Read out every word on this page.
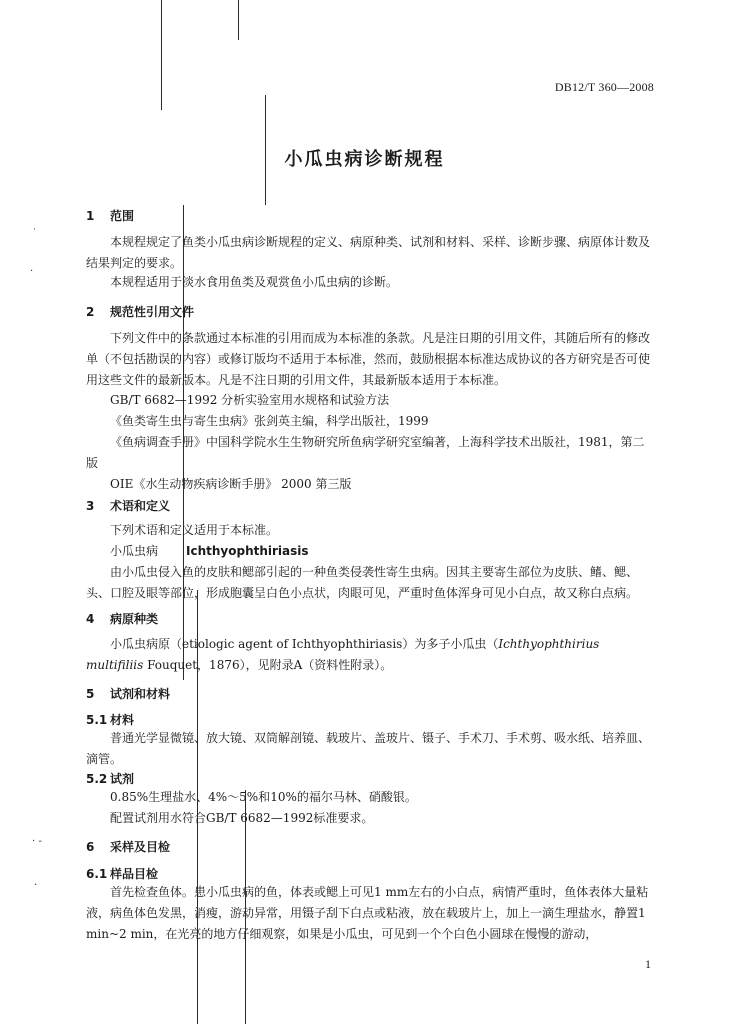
˙
·
· -
·
DB12/T 360—2008
小瓜虫病诊断规程
1 范围
本规程规定了鱼类小瓜虫病诊断规程的定义、病原种类、试剂和材料、采样、诊断步骤、病原体计数及结果判定的要求。
本规程适用于淡水食用鱼类及观赏鱼小瓜虫病的诊断。
2 规范性引用文件
下列文件中的条款通过本标准的引用而成为本标准的条款。凡是注日期的引用文件，其随后所有的修改单（不包括勘误的内容）或修订版均不适用于本标准，然而，鼓励根据本标准达成协议的各方研究是否可使用这些文件的最新版本。凡是不注日期的引用文件，其最新版本适用于本标准。
GB/T 6682—1992 分析实验室用水规格和试验方法
《鱼类寄生虫与寄生虫病》张剑英主编，科学出版社，1999
《鱼病调查手册》中国科学院水生生物研究所鱼病学研究室编著，上海科学技术出版社，1981，第二版
OIE《水生动物疾病诊断手册》 2000 第三版
3 术语和定义
下列术语和定义适用于本标准。
小瓜虫病 Ichthyophthiriasis
由小瓜虫侵入鱼的皮肤和鳃部引起的一种鱼类侵袭性寄生虫病。因其主要寄生部位为皮肤、鳍、鳃、头、口腔及眼等部位，形成胞囊呈白色小点状，肉眼可见，严重时鱼体浑身可见小白点，故又称白点病。
4 病原种类
小瓜虫病原（etiologic agent of Ichthyophthiriasis）为多子小瓜虫（Ichthyophthirius multifiliis Fouquet，1876），见附录A（资料性附录）。
5 试剂和材料
5.1 材料
普通光学显微镜、放大镜、双筒解剖镜、载玻片、盖玻片、镊子、手术刀、手术剪、吸水纸、培养皿、滴管。
5.2 试剂
0.85%生理盐水、4%～5%和10%的福尔马林、硝酸银。
配置试剂用水符合GB/T 6682—1992标准要求。
6 采样及目检
6.1 样品目检
首先检查鱼体。患小瓜虫病的鱼，体表或鳃上可见1 mm左右的小白点，病情严重时，鱼体表体大量粘液，病鱼体色发黑，消瘦，游动异常，用镊子刮下白点或粘液，放在载玻片上，加上一滴生理盐水，静置1 min~2 min，在光亮的地方仔细观察，如果是小瓜虫，可见到一个个白色小圆球在慢慢的游动，
1
